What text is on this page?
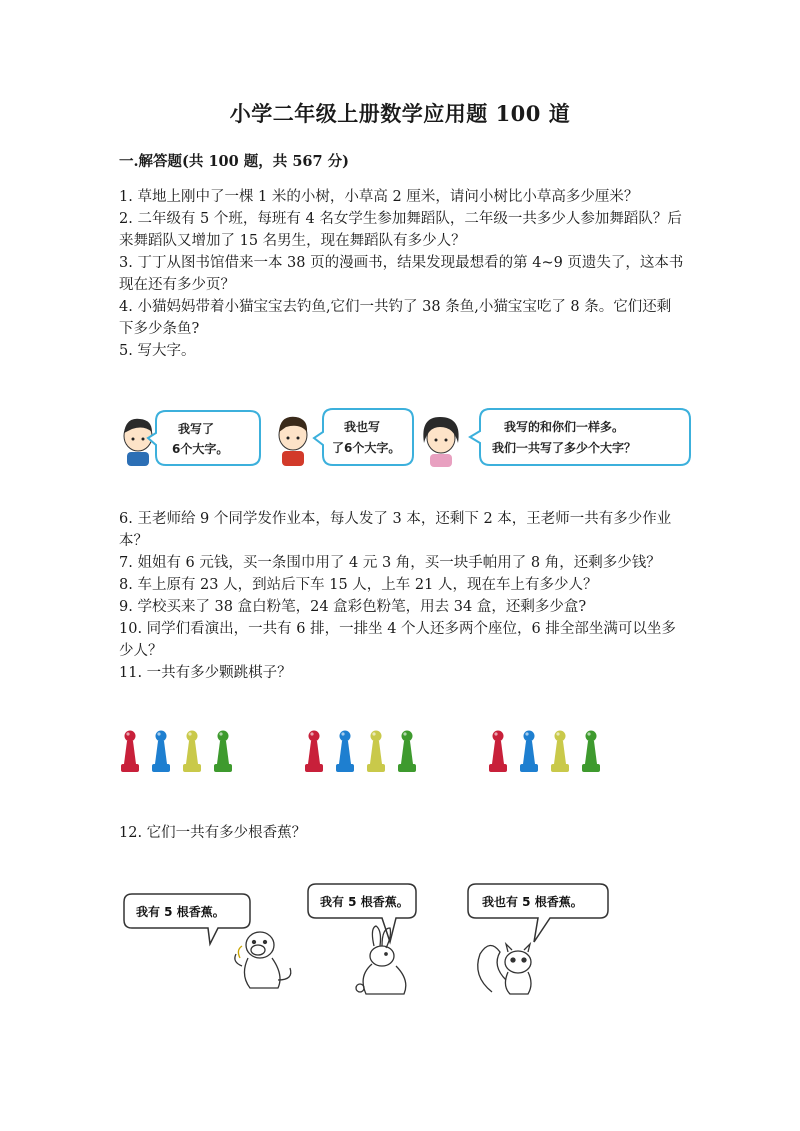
小学二年级上册数学应用题 100 道
一.解答题(共 100 题，共 567 分)

1. 草地上刚中了一棵 1 米的小树，小草高 2 厘米，请问小树比小草高多少厘米？

2. 二年级有 5 个班，每班有 4 名女学生参加舞蹈队，二年级一共多少人参加舞蹈队？后来舞蹈队又增加了 15 名男生，现在舞蹈队有多少人？

3. 丁丁从图书馆借来一本 38 页的漫画书，结果发现最想看的第 4~9 页遗失了，这本书现在还有多少页？

4. 小猫妈妈带着小猫宝宝去钓鱼,它们一共钓了 38 条鱼,小猫宝宝吃了 8 条。它们还剩下多少条鱼?

5. 写大字。

我写了
6个大字。
我也写
了6个大字。
我写的和你们一样多。
我们一共写了多少个大字？

6. 王老师给 9 个同学发作业本，每人发了 3 本，还剩下 2 本，王老师一共有多少作业本？

7. 姐姐有 6 元钱，买一条围巾用了 4 元 3 角，买一块手帕用了 8 角，还剩多少钱？

8. 车上原有 23 人，到站后下车 15 人，上车 21 人，现在车上有多少人？

9. 学校买来了 38 盒白粉笔，24 盒彩色粉笔，用去 34 盒，还剩多少盒?

10. 同学们看演出，一共有 6 排，一排坐 4 个人还多两个座位，6 排全部坐满可以坐多少人？

11. 一共有多少颗跳棋子？

12. 它们一共有多少根香蕉？

我有 5 根香蕉。
我有 5 根香蕉。	我也有 5 根香蕉。
